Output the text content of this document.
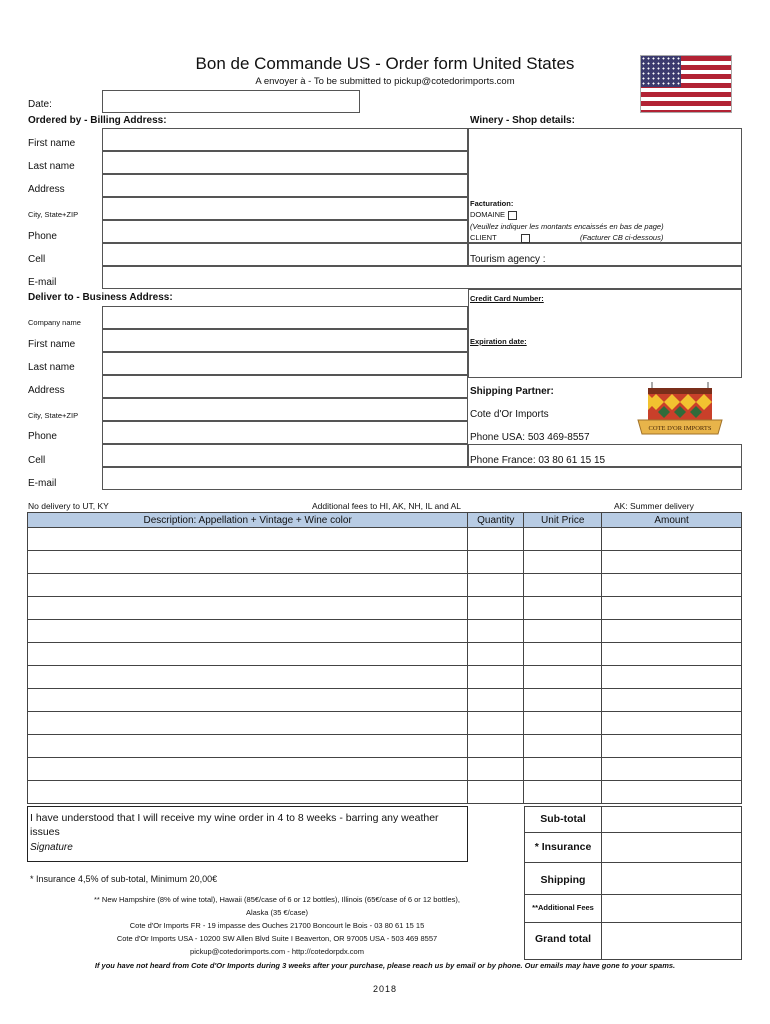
Bon de Commande US - Order form United States
A envoyer à - To be submitted to pickup@cotedorimports.com
Date:
Ordered by - Billing Address:
First name
Last name
Address
City, State+ZIP
Phone
Cell
E-mail
Winery - Shop details:
Facturation:
DOMAINE
(Veuillez indiquer les montants encaissés en bas de page)
CLIENT	(Facturer CB ci-dessous)
Tourism agency :
Deliver to - Business Address:
Company name
First name
Last name
Address
City, State+ZIP
Phone
Cell
E-mail
Credit Card Number:
Expiration date:
Shipping Partner:
Cote d'Or Imports
Phone USA: 503 469-8557
Phone France: 03 80 61 15 15
COTE D'OR IMPORTS
No delivery to UT, KY	Additional fees to HI, AK, NH, IL and AL	AK: Summer delivery
Description: Appellation + Vintage + Wine color	Quantity	Unit Price	Amount

I have understood that I will receive my wine order in 4 to 8 weeks - barring any weather issues
Signature
Sub-total
* Insurance
Shipping
**Additional Fees
Grand total
* Insurance 4,5% of sub-total, Minimum 20,00€
** New Hampshire (8% of wine total), Hawaii (85€/case of 6 or 12 bottles), Illinois (65€/case of 6 or 12 bottles),
Alaska (35 €/case)
Cote d'Or Imports FR - 19 impasse des Ouches 21700 Boncourt le Bois - 03 80 61 15 15
Cote d'Or Imports USA - 10200 SW Allen Blvd Suite I Beaverton, OR 97005 USA - 503 469 8557
pickup@cotedorimports.com - http://cotedorpdx.com
If you have not heard from Cote d'Or Imports during 3 weeks after your purchase, please reach us by email or by phone. Our emails may have gone to your spams.
2018
